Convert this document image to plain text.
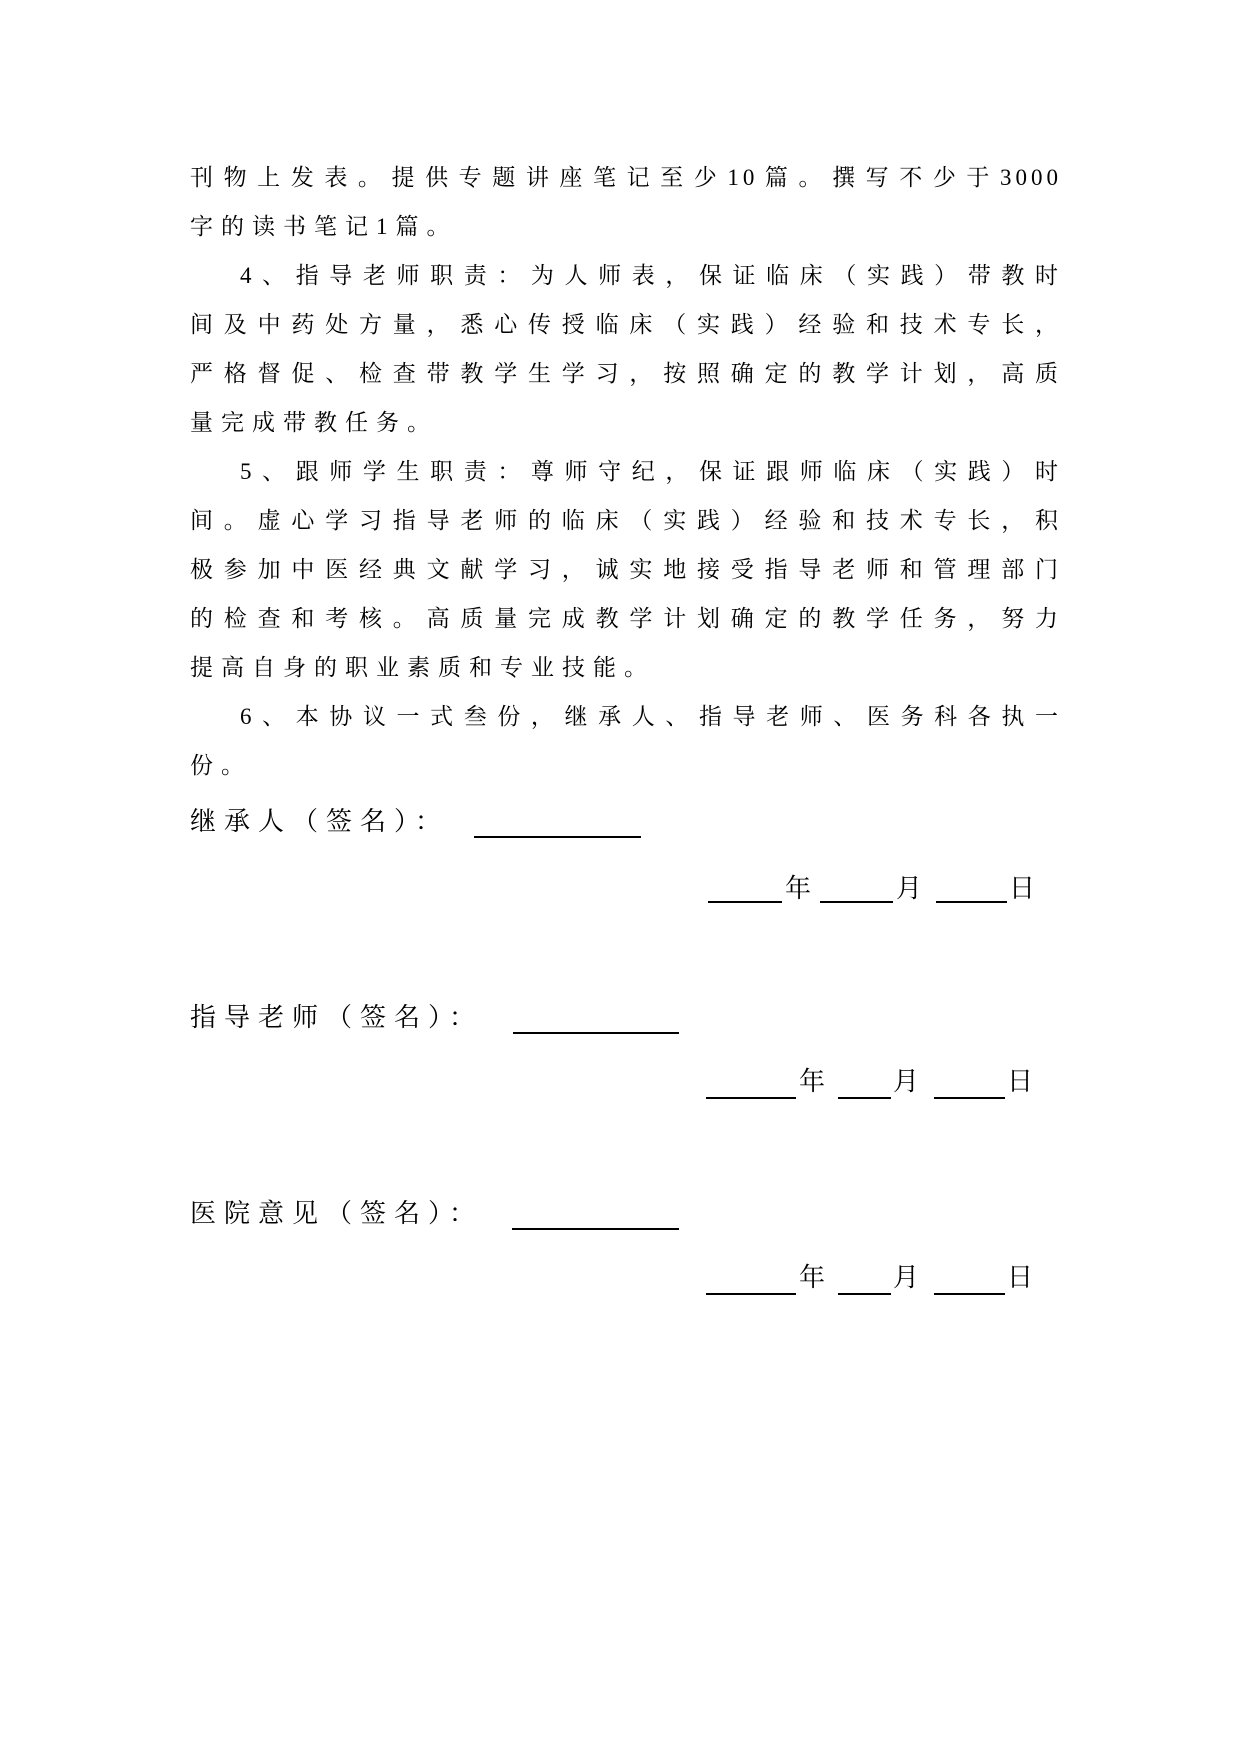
刊物上发表。提供专题讲座笔记至少10篇。撰写不少于3000
字的读书笔记1篇。
4、指导老师职责：为人师表，保证临床（实践）带教时
间及中药处方量，悉心传授临床（实践）经验和技术专长，
严格督促、检查带教学生学习，按照确定的教学计划，高质
量完成带教任务。
5、跟师学生职责：尊师守纪，保证跟师临床（实践）时
间。虚心学习指导老师的临床（实践）经验和技术专长，积
极参加中医经典文献学习，诚实地接受指导老师和管理部门
的检查和考核。高质量完成教学计划确定的教学任务，努力
提高自身的职业素质和专业技能。
6、本协议一式叁份，继承人、指导老师、医务科各执一
份。
继承人（签名）：
年	月	日
指导老师（签名）：
年	月	日
医院意见（签名）：
年	月	日
